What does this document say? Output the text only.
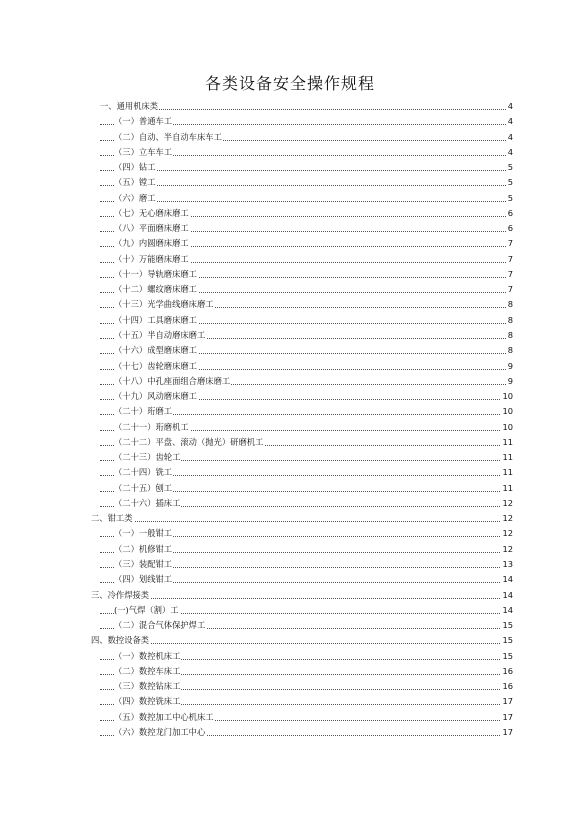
各类设备安全操作规程
一、通用机床类	4
（一）普通车工	4
（二）自动、半自动车床车工	4
（三）立车车工	4
（四）钻工	5
（五）镗工	5
（六）磨工	5
（七）无心磨床磨工	6
（八）平面磨床磨工	6
（九）内圆磨床磨工	7
（十）万能磨床磨工	7
（十一）导轨磨床磨工	7
（十二）螺纹磨床磨工	7
（十三）光学曲线磨床磨工	8
（十四）工具磨床磨工	8
（十五）半自动磨床磨工	8
（十六）成型磨床磨工	8
（十七）齿轮磨床磨工	9
（十八）中孔座面组合磨床磨工	9
（十九）风动磨床磨工	10
（二十）珩磨工	10
（二十一）珩磨机工	10
（二十二）平盘、滚动（抛光）研磨机工	11
（二十三）齿轮工	11
（二十四）铣工	11
（二十五）刨工	11
（二十六）插床工	12
二、钳工类	12
（一）一般钳工	12
（二）机修钳工	12
（三）装配钳工	13
（四）划线钳工	14
三、冷作焊接类	14
(一)气焊（割）工	14
（二）混合气体保护焊工	15
四、数控设备类	15
（一）数控机床工	15
（二）数控车床工	16
（三）数控钻床工	16
（四）数控铣床工	17
（五）数控加工中心机床工	17
（六）数控龙门加工中心	17
